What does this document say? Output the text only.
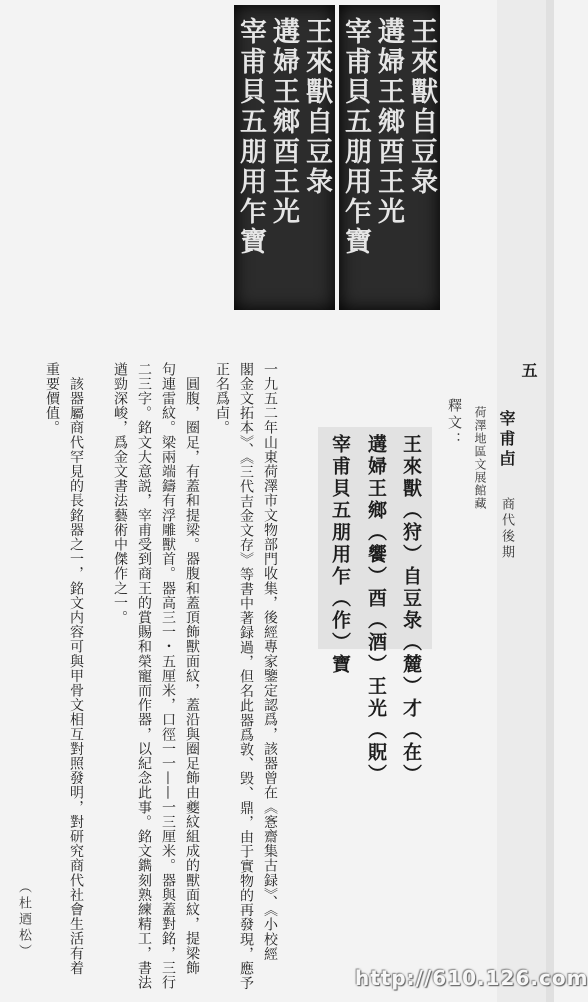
王來獸自豆彔
遘婦王鄉酉王光
宰甫貝五朋用乍寶	王來獸自豆彔
遘婦王鄉酉王光
宰甫貝五朋用乍寶
五
宰甫卣
商代後期
荷澤地區文展館藏
釋文：
王來獸（狩）自豆彔（麓）才（在）
遘婦王鄉（饗）酉（酒）王光（貺）
宰甫貝五朋用乍（作）寶
一九五二年山東荷澤市文物部門收集，後經專家鑒定認爲，該器曾在《愙齋集古録》、《小校經
閣金文拓本》、《三代吉金文存》等書中著録過，但名此器爲敦、毁、鼎，由于實物的再發現，應予
正名爲卣。
　圓腹，圈足，有蓋和提梁。器腹和蓋頂飾獸面紋，蓋沿與圈足飾由夔紋組成的獸面紋，提梁飾
句連雷紋。梁兩端鑄有浮雕獸首。器高三一・五厘米，口徑一一——一三厘米。器與蓋對銘，三行
二三字。銘文大意説，宰甫受到商王的賞賜和榮寵而作器，以紀念此事。銘文鐫刻熟練精工，書法
遒勁深峻，爲金文書法藝術中傑作之一。
　該器屬商代罕見的長銘器之一，銘文内容可與甲骨文相互對照發明，對研究商代社會生活有着
重要價值。
（杜迺松）
http://610.126.com
